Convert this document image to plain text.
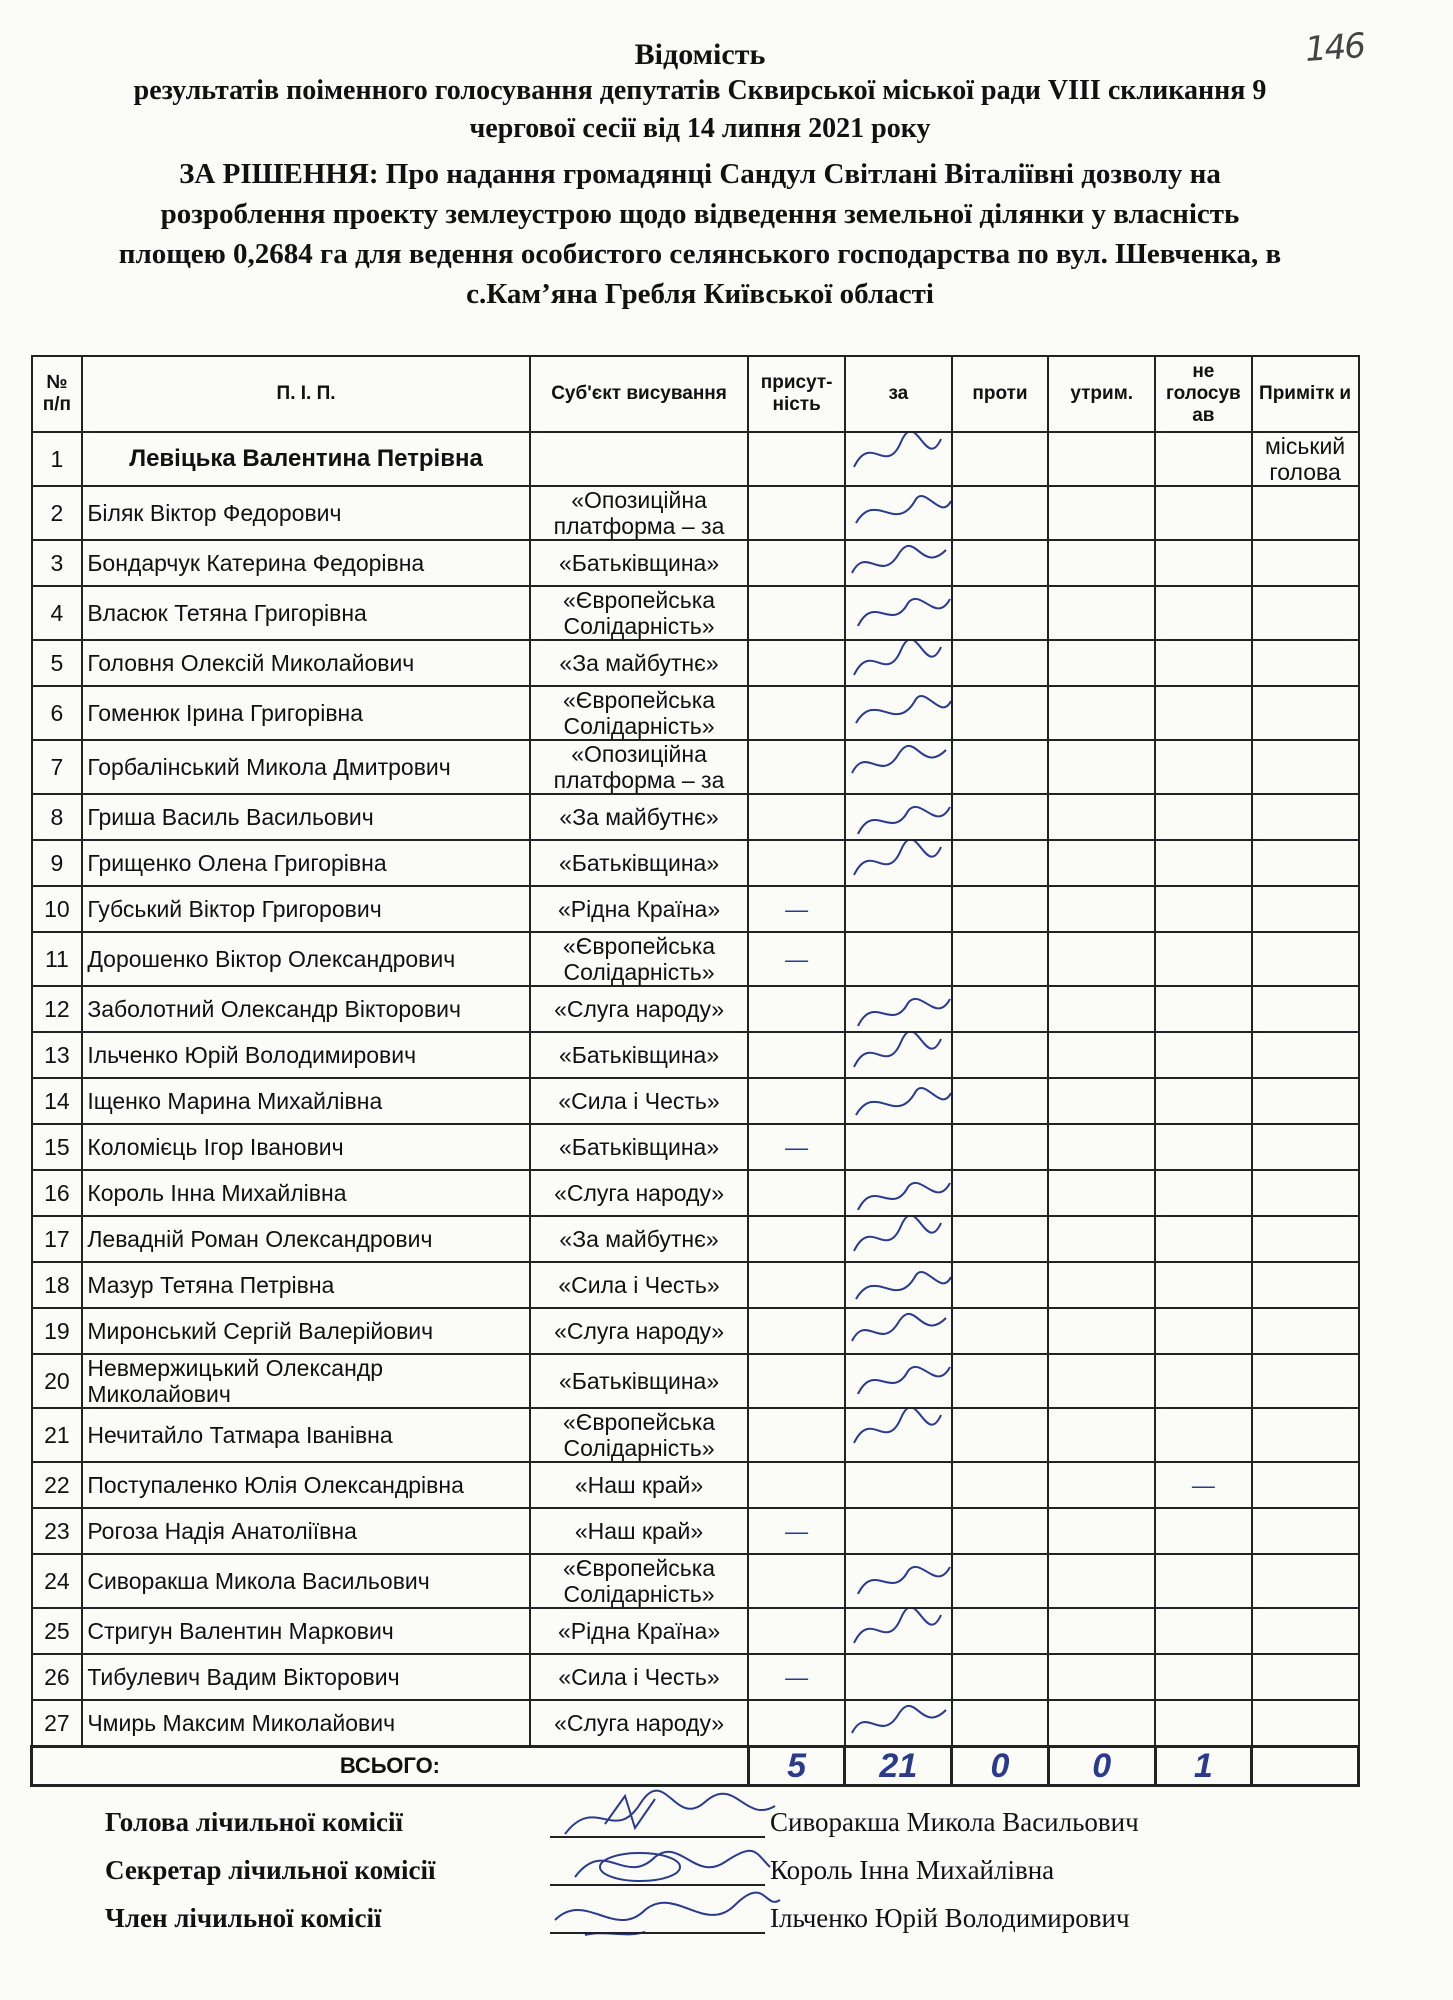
146
Відомість
результатів поіменного голосування депутатів Сквирської міської ради VIII скликання 9
чергової сесії від 14 липня 2021 року
ЗА РІШЕННЯ: Про надання громадянці Сандул Світлані Віталіївні дозволу на
розроблення проекту землеустрою щодо відведення земельної ділянки у власність
площею 0,2684 га для ведення особистого селянського господарства по вул. Шевченка, в
с.Кам’яна Гребля Київської області
№ п/п	П. І. П.	Суб'єкт висування	присут-ність	за	проти	утрим.	не голосув ав	Примітк и
1	Левіцька Валентина Петрівна							міський голова
2	Біляк Віктор Федорович	«Опозиційна платформа – за		

3	Бондарчук Катерина Федорівна	«Батьківщина»		

4	Власюк Тетяна Григорівна	«Європейська Солідарність»		

5	Головня Олексій Миколайович	«За майбутнє»		

6	Гоменюк Ірина Григорівна	«Європейська Солідарність»		

7	Горбалінський Микола Дмитрович	«Опозиційна платформа – за		

8	Гриша Василь Васильович	«За майбутнє»		

9	Грищенко Олена Григорівна	«Батьківщина»		

10	Губський Віктор Григорович	«Рідна Країна»	—					
11	Дорошенко Віктор Олександрович	«Європейська Солідарність»	—					
12	Заболотний Олександр Вікторович	«Слуга народу»		

13	Ільченко Юрій Володимирович	«Батьківщина»		

14	Іщенко Марина Михайлівна	«Сила і Честь»		

15	Коломієць Ігор Іванович	«Батьківщина»	—					
16	Король Інна Михайлівна	«Слуга народу»		

17	Левадній Роман Олександрович	«За майбутнє»		

18	Мазур Тетяна Петрівна	«Сила і Честь»		

19	Миронський Сергій Валерійович	«Слуга народу»		

20	Невмержицький Олександр Миколайович	«Батьківщина»		

21	Нечитайло Татмара Іванівна	«Європейська Солідарність»		

22	Поступаленко Юлія Олександрівна	«Наш край»					—	
23	Рогоза Надія Анатоліївна	«Наш край»	—					
24	Сиворакша Микола Васильович	«Європейська Солідарність»		

25	Стригун Валентин Маркович	«Рідна Країна»		

26	Тибулевич Вадим Вікторович	«Сила і Честь»	—					
27	Чмирь Максим Миколайович	«Слуга народу»		

ВСЬОГО:			5	21	0	0	1	
Голова лічильної комісії	Сиворакша Микола Васильович
Секретар лічильної комісії	Король Інна Михайлівна
Член лічильної комісії	Ільченко Юрій Володимирович
